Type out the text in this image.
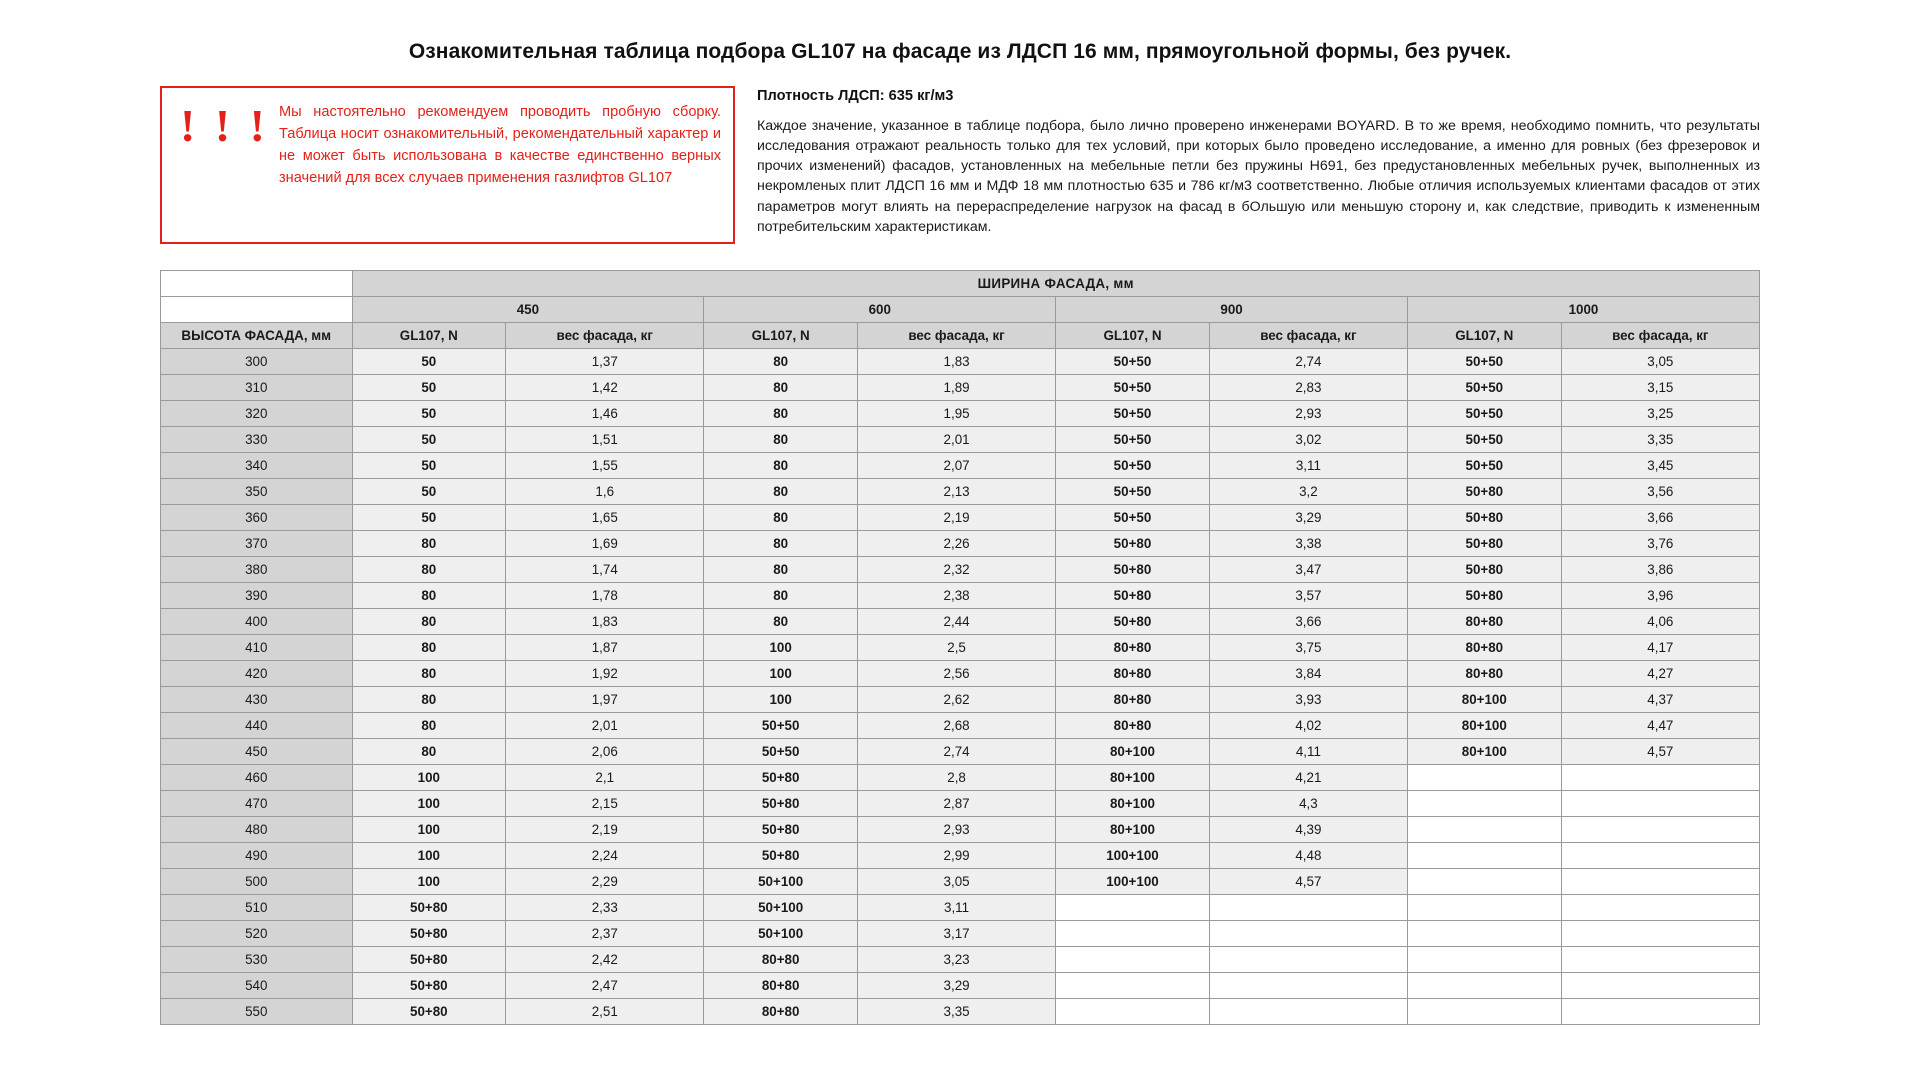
Ознакомительная таблица подбора GL107 на фасаде из ЛДСП 16 мм, прямоугольной формы, без ручек.
! ! ! Мы настоятельно рекомендуем проводить пробную сборку. Таблица носит ознакомительный, рекомендательный характер и не может быть использована в качестве единственно верных значений для всех случаев применения газлифтов GL107
Плотность ЛДСП: 635 кг/м3
Каждое значение, указанное в таблице подбора, было лично проверено инженерами BOYARD. В то же время, необходимо помнить, что результаты исследования отражают реальность только для тех условий, при которых было проведено исследование, а именно для ровных (без фрезеровок и прочих изменений) фасадов, установленных на мебельные петли без пружины H691, без предустановленных мебельных ручек, выполненных из некромленых плит ЛДСП 16 мм и МДФ 18 мм плотностью 635 и 786 кг/м3 соответственно. Любые отличия используемых клиентами фасадов от этих параметров могут влиять на перераспределение нагрузок на фасад в бОльшую или меньшую сторону и, как следствие, приводить к измененным потребительским характеристикам.
	ШИРИНА ФАСАДА, мм							
	450		600		900		1000	
ВЫСОТА ФАСАДА, мм	GL107, N	вес фасада, кг	GL107, N	вес фасада, кг	GL107, N	вес фасада, кг	GL107, N	вес фасада, кг
300	50	1,37	80	1,83	50+50	2,74	50+50	3,05
310	50	1,42	80	1,89	50+50	2,83	50+50	3,15
320	50	1,46	80	1,95	50+50	2,93	50+50	3,25
330	50	1,51	80	2,01	50+50	3,02	50+50	3,35
340	50	1,55	80	2,07	50+50	3,11	50+50	3,45
350	50	1,6	80	2,13	50+50	3,2	50+80	3,56
360	50	1,65	80	2,19	50+50	3,29	50+80	3,66
370	80	1,69	80	2,26	50+80	3,38	50+80	3,76
380	80	1,74	80	2,32	50+80	3,47	50+80	3,86
390	80	1,78	80	2,38	50+80	3,57	50+80	3,96
400	80	1,83	80	2,44	50+80	3,66	80+80	4,06
410	80	1,87	100	2,5	80+80	3,75	80+80	4,17
420	80	1,92	100	2,56	80+80	3,84	80+80	4,27
430	80	1,97	100	2,62	80+80	3,93	80+100	4,37
440	80	2,01	50+50	2,68	80+80	4,02	80+100	4,47
450	80	2,06	50+50	2,74	80+100	4,11	80+100	4,57
460	100	2,1	50+80	2,8	80+100	4,21		
470	100	2,15	50+80	2,87	80+100	4,3		
480	100	2,19	50+80	2,93	80+100	4,39		
490	100	2,24	50+80	2,99	100+100	4,48		
500	100	2,29	50+100	3,05	100+100	4,57		
510	50+80	2,33	50+100	3,11				
520	50+80	2,37	50+100	3,17				
530	50+80	2,42	80+80	3,23				
540	50+80	2,47	80+80	3,29				
550	50+80	2,51	80+80	3,35				
